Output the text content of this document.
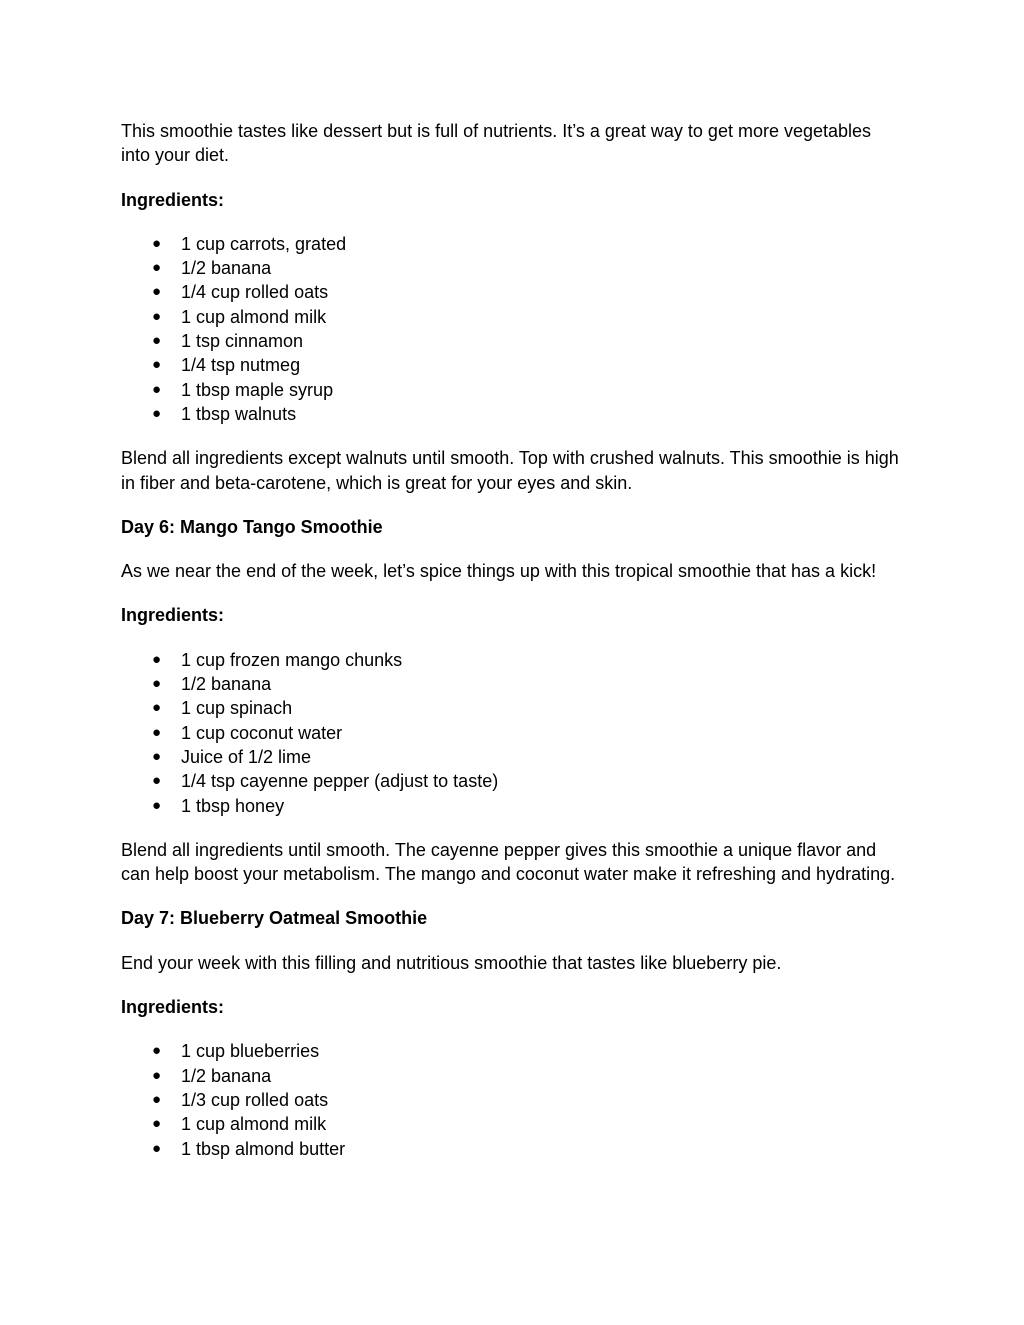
This smoothie tastes like dessert but is full of nutrients. It’s a great way to get more vegetables into your diet.

Ingredients:

● 1 cup carrots, grated
● 1/2 banana
● 1/4 cup rolled oats
● 1 cup almond milk
● 1 tsp cinnamon
● 1/4 tsp nutmeg
● 1 tbsp maple syrup
● 1 tbsp walnuts

Blend all ingredients except walnuts until smooth. Top with crushed walnuts. This smoothie is high in fiber and beta-carotene, which is great for your eyes and skin.

Day 6: Mango Tango Smoothie

As we near the end of the week, let’s spice things up with this tropical smoothie that has a kick!

Ingredients:

● 1 cup frozen mango chunks
● 1/2 banana
● 1 cup spinach
● 1 cup coconut water
● Juice of 1/2 lime
● 1/4 tsp cayenne pepper (adjust to taste)
● 1 tbsp honey

Blend all ingredients until smooth. The cayenne pepper gives this smoothie a unique flavor and can help boost your metabolism. The mango and coconut water make it refreshing and hydrating.

Day 7: Blueberry Oatmeal Smoothie

End your week with this filling and nutritious smoothie that tastes like blueberry pie.

Ingredients:

● 1 cup blueberries
● 1/2 banana
● 1/3 cup rolled oats
● 1 cup almond milk
● 1 tbsp almond butter
